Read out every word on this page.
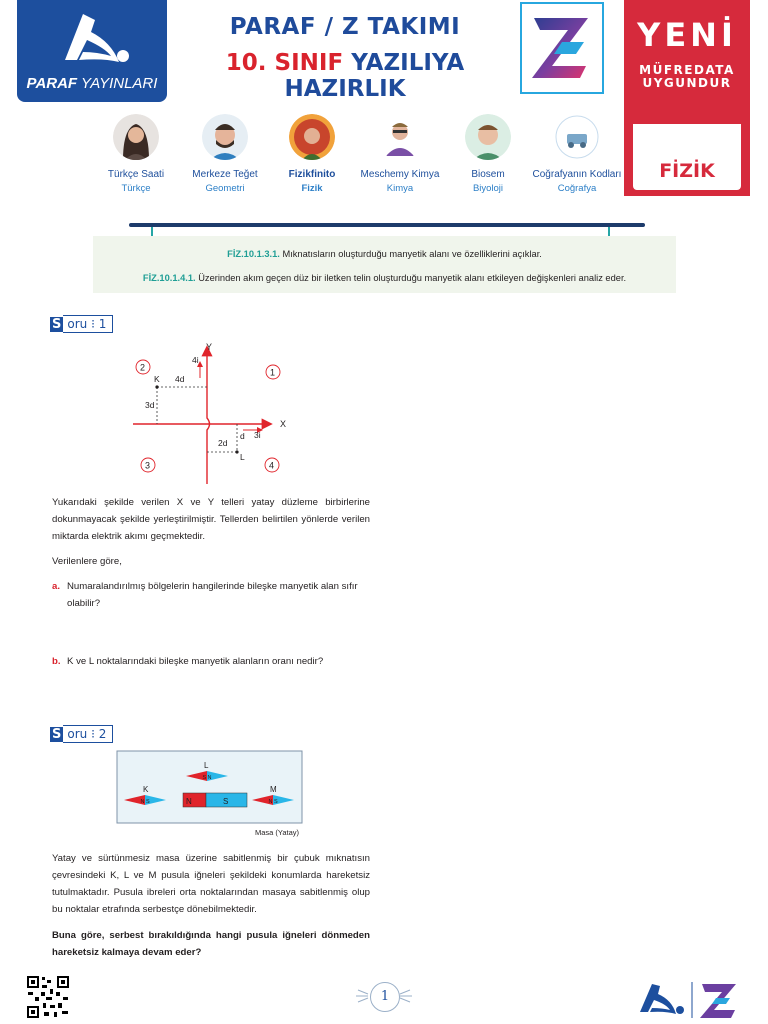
PARAF YAYINLARI
PARAF / Z TAKIMI
10. SINIF YAZILIYA HAZIRLIK
YENİ
MÜFREDATA
UYGUNDUR
FİZİK
Türkçe Saati
Türkçe
Merkeze Teğet
Geometri
Fizikfinito
Fizik
Meschemy Kimya
Kimya
Biosem
Biyoloji
Coğrafyanın Kodları
Coğrafya
FİZ.10.1.3.1. Mıknatısların oluşturduğu manyetik alanı ve özelliklerini açıklar.
FİZ.10.1.4.1. Üzerinden akım geçen düz bir iletken telin oluşturduğu manyetik alanı etkileyen değişkenleri analiz eder.
S oru ⁝ 1
Y
X
4i
3i
K 4d
3d
2d
d
L
2	1
3	4
Yukarıdaki şekilde verilen X ve Y telleri yatay düzleme birbirlerine dokunmayacak şekilde yerleştirilmiştir. Tellerden belirtilen yönlerde verilen miktarda elektrik akımı geçmektedir.
Verilenlere göre,
a. Numaralandırılmış bölgelerin hangilerinde bileşke manyetik alan sıfır olabilir?
b. K ve L noktalarındaki bileşke manyetik alanların oranı nedir?
S oru ⁝ 2
N	S
L
S N
K
N S
M
N S
Masa (Yatay)
Yatay ve sürtünmesiz masa üzerine sabitlenmiş bir çubuk mıknatısın çevresindeki K, L ve M pusula iğneleri şekildeki konumlarda hareketsiz tutulmaktadır. Pusula ibreleri orta noktalarından masaya sabitlenmiş olup bu noktalar etrafında serbestçe dönebilmektedir.
Buna göre, serbest bırakıldığında hangi pusula iğneleri dönmeden hareketsiz kalmaya devam eder?
1
